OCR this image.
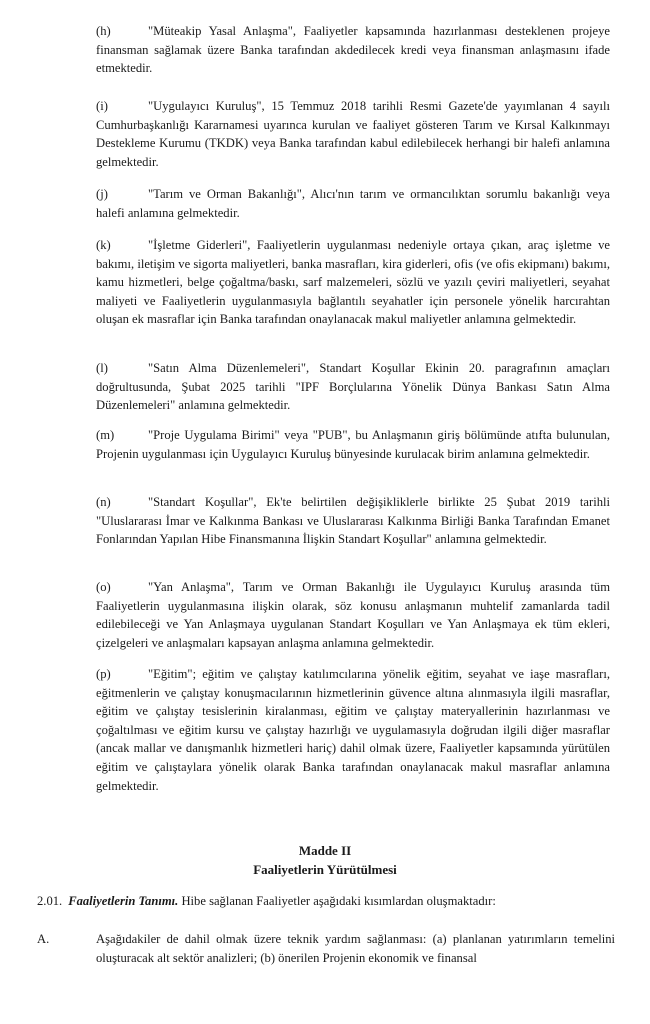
(h)	"Müteakip Yasal Anlaşma", Faaliyetler kapsamında hazırlanması desteklenen projeye finansman sağlamak üzere Banka tarafından akdedilecek kredi veya finansman anlaşmasını ifade etmektedir.

(i)	"Uygulayıcı Kuruluş", 15 Temmuz 2018 tarihli Resmi Gazete'de yayımlanan 4 sayılı Cumhurbaşkanlığı Kararnamesi uyarınca kurulan ve faaliyet gösteren Tarım ve Kırsal Kalkınmayı Destekleme Kurumu (TKDK) veya Banka tarafından kabul edilebilecek herhangi bir halefi anlamına gelmektedir.

(j)	"Tarım ve Orman Bakanlığı", Alıcı'nın tarım ve ormancılıktan sorumlu bakanlığı veya halefi anlamına gelmektedir.

(k)	"İşletme Giderleri", Faaliyetlerin uygulanması nedeniyle ortaya çıkan, araç işletme ve bakımı, iletişim ve sigorta maliyetleri, banka masrafları, kira giderleri, ofis (ve ofis ekipmanı) bakımı, kamu hizmetleri, belge çoğaltma/baskı, sarf malzemeleri, sözlü ve yazılı çeviri maliyetleri, seyahat maliyeti ve Faaliyetlerin uygulanmasıyla bağlantılı seyahatler için personele yönelik harcırahtan oluşan ek masraflar için Banka tarafından onaylanacak makul maliyetler anlamına gelmektedir.

(l)	"Satın Alma Düzenlemeleri", Standart Koşullar Ekinin 20. paragrafının amaçları doğrultusunda, Şubat 2025 tarihli "IPF Borçlularına Yönelik Dünya Bankası Satın Alma Düzenlemeleri" anlamına gelmektedir.

(m)	"Proje Uygulama Birimi" veya "PUB", bu Anlaşmanın giriş bölümünde atıfta bulunulan, Projenin uygulanması için Uygulayıcı Kuruluş bünyesinde kurulacak birim anlamına gelmektedir.

(n)	"Standart Koşullar", Ek'te belirtilen değişikliklerle birlikte 25 Şubat 2019 tarihli "Uluslararası İmar ve Kalkınma Bankası ve Uluslararası Kalkınma Birliği Banka Tarafından Emanet Fonlarından Yapılan Hibe Finansmanına İlişkin Standart Koşullar" anlamına gelmektedir.

(o)	"Yan Anlaşma", Tarım ve Orman Bakanlığı ile Uygulayıcı Kuruluş arasında tüm Faaliyetlerin uygulanmasına ilişkin olarak, söz konusu anlaşmanın muhtelif zamanlarda tadil edilebileceği ve Yan Anlaşmaya uygulanan Standart Koşulları ve Yan Anlaşmaya ek tüm ekleri, çizelgeleri ve anlaşmaları kapsayan anlaşma anlamına gelmektedir.

(p)	"Eğitim"; eğitim ve çalıştay katılımcılarına yönelik eğitim, seyahat ve iaşe masrafları, eğitmenlerin ve çalıştay konuşmacılarının hizmetlerinin güvence altına alınmasıyla ilgili masraflar, eğitim ve çalıştay tesislerinin kiralanması, eğitim ve çalıştay materyallerinin hazırlanması ve çoğaltılması ve eğitim kursu ve çalıştay hazırlığı ve uygulamasıyla doğrudan ilgili diğer masraflar (ancak mallar ve danışmanlık hizmetleri hariç) dahil olmak üzere, Faaliyetler kapsamında yürütülen eğitim ve çalıştaylara yönelik olarak Banka tarafından onaylanacak makul masraflar anlamına gelmektedir.

Madde II
Faaliyetlerin Yürütülmesi

2.01. Faaliyetlerin Tanımı. Hibe sağlanan Faaliyetler aşağıdaki kısımlardan oluşmaktadır:

A.	Aşağıdakiler de dahil olmak üzere teknik yardım sağlanması: (a) planlanan yatırımların temelini oluşturacak alt sektör analizleri; (b) önerilen Projenin ekonomik ve finansal
